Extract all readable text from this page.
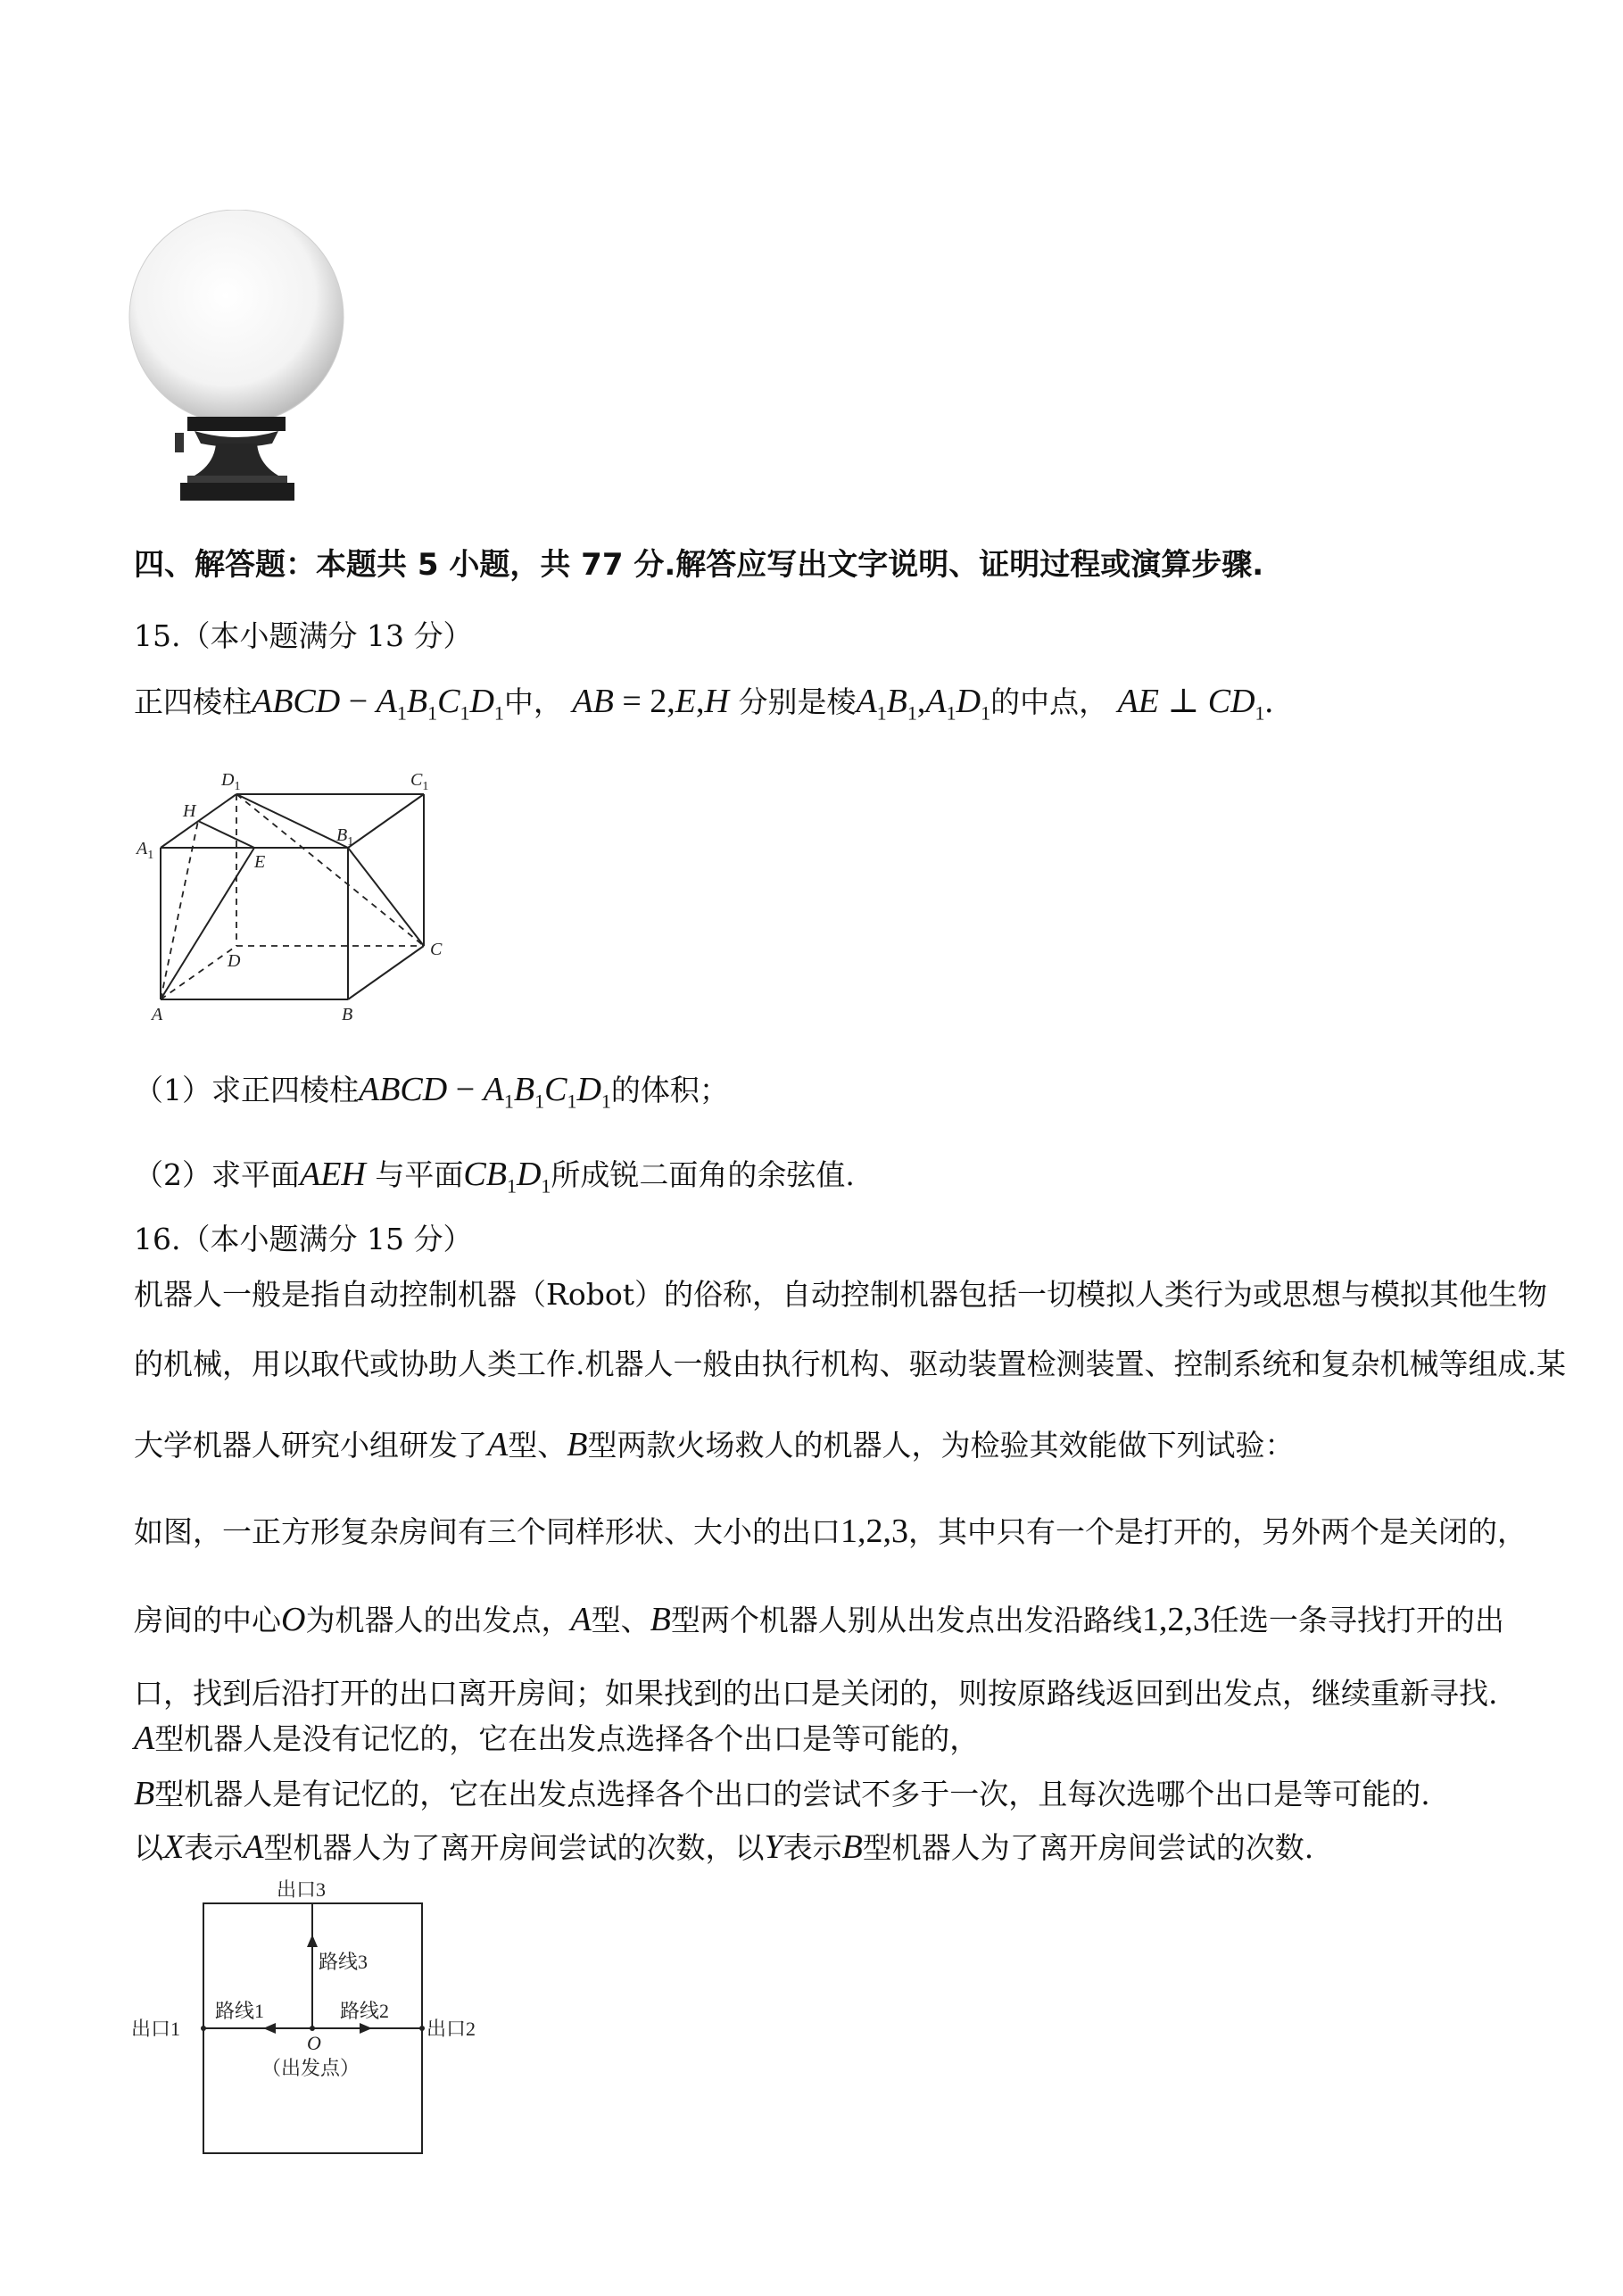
四、解答题：本题共 5 小题，共 77 分.解答应写出文字说明、证明过程或演算步骤.
15.（本小题满分 13 分）
正四棱柱ABCD − $A_1B_1C_1D_1$中， AB = 2,E,H 分别是棱$A_1B_1,A_1D_1$的中点， AE ⊥ $CD_1$.
$D_1$	$C_1$
H
$B_1$
$A_1$	E
D
C
A	B
（1）求正四棱柱ABCD − $A_1B_1C_1D_1$的体积；
（2）求平面AEH 与平面$CB_1D_1$所成锐二面角的余弦值.
16.（本小题满分 15 分）
机器人一般是指自动控制机器（Robot）的俗称，自动控制机器包括一切模拟人类行为或思想与模拟其他生物
的机械，用以取代或协助人类工作.机器人一般由执行机构、驱动装置检测装置、控制系统和复杂机械等组成.某
大学机器人研究小组研发了A型、B型两款火场救人的机器人，为检验其效能做下列试验：
如图，一正方形复杂房间有三个同样形状、大小的出口1,2,3，其中只有一个是打开的，另外两个是关闭的，
房间的中心O为机器人的出发点，A型、B型两个机器人别从出发点出发沿路线1,2,3任选一条寻找打开的出
口，找到后沿打开的出口离开房间；如果找到的出口是关闭的，则按原路线返回到出发点，继续重新寻找.
A型机器人是没有记忆的，它在出发点选择各个出口是等可能的，
B型机器人是有记忆的，它在出发点选择各个出口的尝试不多于一次，且每次选哪个出口是等可能的.
以X表示A型机器人为了离开房间尝试的次数，以Y表示B型机器人为了离开房间尝试的次数.
出口3
路线3
路线1	路线2
出口1	出口2
O
（出发点）
